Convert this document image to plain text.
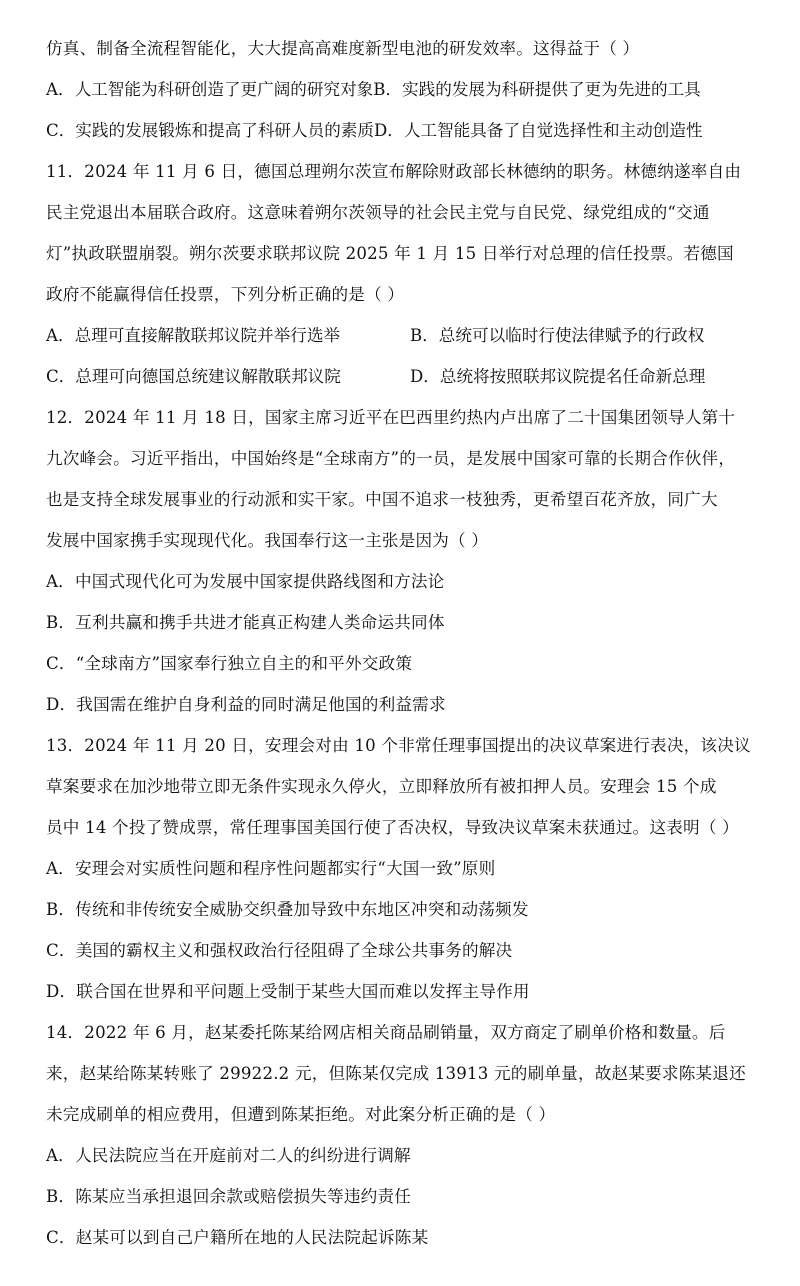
仿真、制备全流程智能化，大大提高高难度新型电池的研发效率。这得益于（ ）
A．人工智能为科研创造了更广阔的研究对象 B．实践的发展为科研提供了更为先进的工具
C．实践的发展锻炼和提高了科研人员的素质 D．人工智能具备了自觉选择性和主动创造性
11．2024 年 11 月 6 日，德国总理朔尔茨宣布解除财政部长林德纳的职务。林德纳遂率自由
民主党退出本届联合政府。这意味着朔尔茨领导的社会民主党与自民党、绿党组成的“交通
灯”执政联盟崩裂。朔尔茨要求联邦议院 2025 年 1 月 15 日举行对总理的信任投票。若德国
政府不能赢得信任投票，下列分析正确的是（ ）
A．总理可直接解散联邦议院并举行选举	B．总统可以临时行使法律赋予的行政权
C．总理可向德国总统建议解散联邦议院	D．总统将按照联邦议院提名任命新总理
12．2024 年 11 月 18 日，国家主席习近平在巴西里约热内卢出席了二十国集团领导人第十
九次峰会。习近平指出，中国始终是“全球南方”的一员，是发展中国家可靠的长期合作伙伴，
也是支持全球发展事业的行动派和实干家。中国不追求一枝独秀，更希望百花齐放，同广大
发展中国家携手实现现代化。我国奉行这一主张是因为（ ）
A．中国式现代化可为发展中国家提供路线图和方法论
B．互利共赢和携手共进才能真正构建人类命运共同体
C．“全球南方”国家奉行独立自主的和平外交政策
D．我国需在维护自身利益的同时满足他国的利益需求
13．2024 年 11 月 20 日，安理会对由 10 个非常任理事国提出的决议草案进行表决，该决议
草案要求在加沙地带立即无条件实现永久停火，立即释放所有被扣押人员。安理会 15 个成
员中 14 个投了赞成票，常任理事国美国行使了否决权，导致决议草案未获通过。这表明（ ）
A．安理会对实质性问题和程序性问题都实行“大国一致”原则
B．传统和非传统安全威胁交织叠加导致中东地区冲突和动荡频发
C．美国的霸权主义和强权政治行径阻碍了全球公共事务的解决
D．联合国在世界和平问题上受制于某些大国而难以发挥主导作用
14．2022 年 6 月，赵某委托陈某给网店相关商品刷销量，双方商定了刷单价格和数量。后
来，赵某给陈某转账了 29922.2 元，但陈某仅完成 13913 元的刷单量，故赵某要求陈某退还
未完成刷单的相应费用，但遭到陈某拒绝。对此案分析正确的是（ ）
A．人民法院应当在开庭前对二人的纠纷进行调解
B．陈某应当承担退回余款或赔偿损失等违约责任
C．赵某可以到自己户籍所在地的人民法院起诉陈某
